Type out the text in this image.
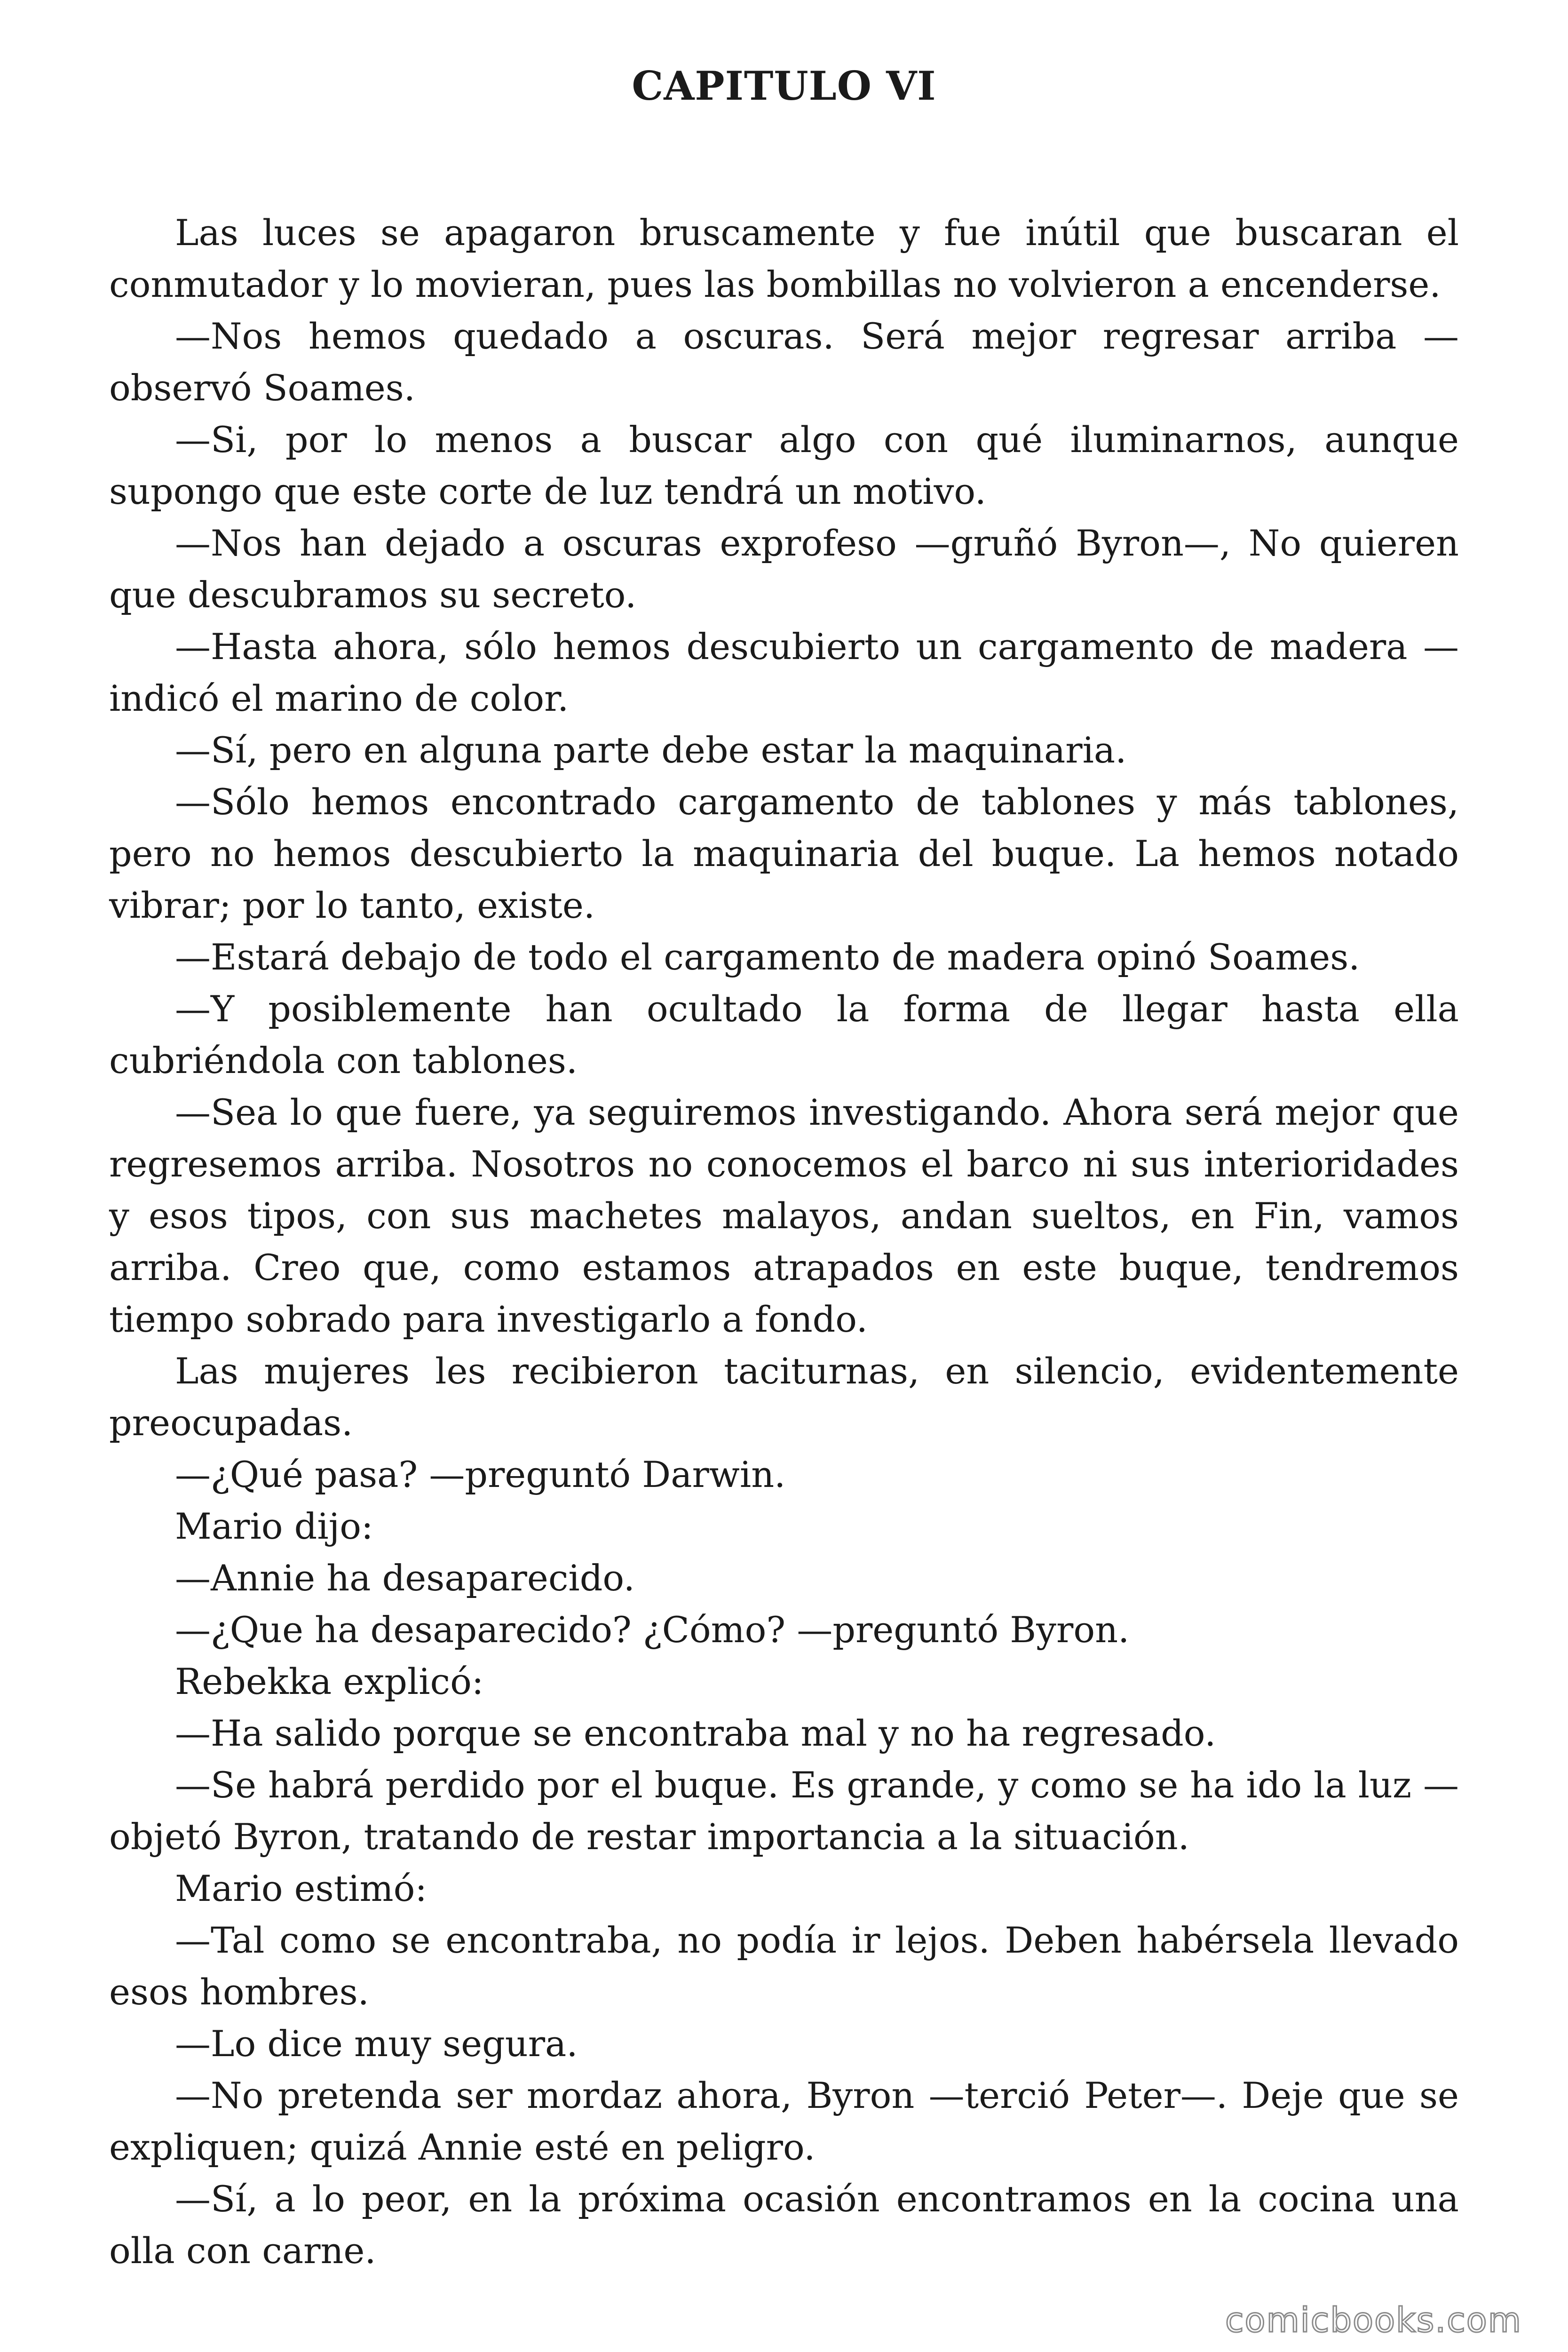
CAPITULO VI

Las luces se apagaron bruscamente y fue inútil que buscaran el conmutador y lo movieran, pues las bombillas no volvieron a encenderse.

—Nos hemos quedado a oscuras. Será mejor regresar arriba —observó Soames.

—Si, por lo menos a buscar algo con qué iluminarnos, aunque supongo que este corte de luz tendrá un motivo.

—Nos han dejado a oscuras exprofeso —gruñó Byron—, No quieren que descubramos su secreto.

—Hasta ahora, sólo hemos descubierto un cargamento de madera —indicó el marino de color.

—Sí, pero en alguna parte debe estar la maquinaria.

—Sólo hemos encontrado cargamento de tablones y más tablones, pero no hemos descubierto la maquinaria del buque. La hemos notado vibrar; por lo tanto, existe.

—Estará debajo de todo el cargamento de madera opinó Soames.

—Y posiblemente han ocultado la forma de llegar hasta ella cubriéndola con tablones.

—Sea lo que fuere, ya seguiremos investigando. Ahora será mejor que regresemos arriba. Nosotros no conocemos el barco ni sus interioridades y esos tipos, con sus machetes malayos, andan sueltos, en Fin, vamos arriba. Creo que, como estamos atrapados en este buque, tendremos tiempo sobrado para investigarlo a fondo.

Las mujeres les recibieron taciturnas, en silencio, evidentemente preocupadas.

—¿Qué pasa? —preguntó Darwin.

Mario dijo:

—Annie ha desaparecido.

—¿Que ha desaparecido? ¿Cómo? —preguntó Byron.

Rebekka explicó:

—Ha salido porque se encontraba mal y no ha regresado.

—Se habrá perdido por el buque. Es grande, y como se ha ido la luz —objetó Byron, tratando de restar importancia a la situación.

Mario estimó:

—Tal como se encontraba, no podía ir lejos. Deben habérsela llevado esos hombres.

—Lo dice muy segura.

—No pretenda ser mordaz ahora, Byron —terció Peter—. Deje que se expliquen; quizá Annie esté en peligro.

—Sí, a lo peor, en la próxima ocasión encontramos en la cocina una olla con carne.

comicbooks.com
